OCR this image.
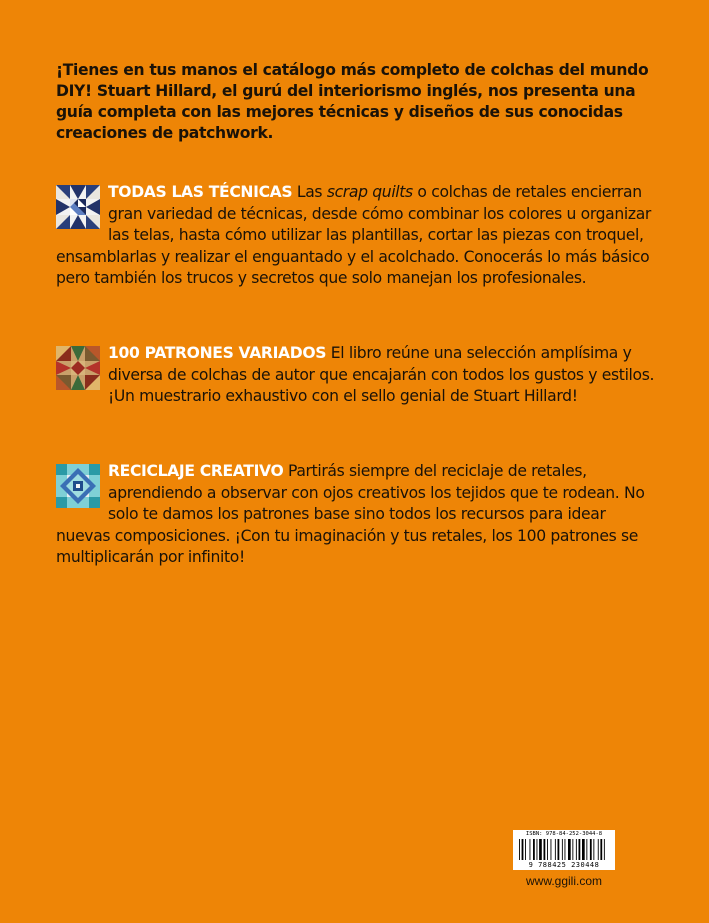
¡Tienes en tus manos el catálogo más completo de colchas del mundo DIY! Stuart Hillard, el gurú del interiorismo inglés, nos presenta una guía completa con las mejores técnicas y diseños de sus conocidas creaciones de patchwork.
TODAS LAS TÉCNICAS Las scrap quilts o colchas de retales encierran gran variedad de técnicas, desde cómo combinar los colores u organizar las telas, hasta cómo utilizar las plantillas, cortar las piezas con troquel, ensamblarlas y realizar el enguantado y el acolchado. Conocerás lo más básico pero también los trucos y secretos que solo manejan los profesionales.
100 PATRONES VARIADOS El libro reúne una selección amplísima y diversa de colchas de autor que encajarán con todos los gustos y estilos. ¡Un muestrario exhaustivo con el sello genial de Stuart Hillard!
RECICLAJE CREATIVO Partirás siempre del reciclaje de retales, aprendiendo a observar con ojos creativos los tejidos que te rodean. No solo te damos los patrones base sino todos los recursos para idear nuevas composiciones. ¡Con tu imaginación y tus retales, los 100 patrones se multiplicarán por infinito!
ISBN: 978-84-252-3044-8
9 788425 230448
www.ggili.com
